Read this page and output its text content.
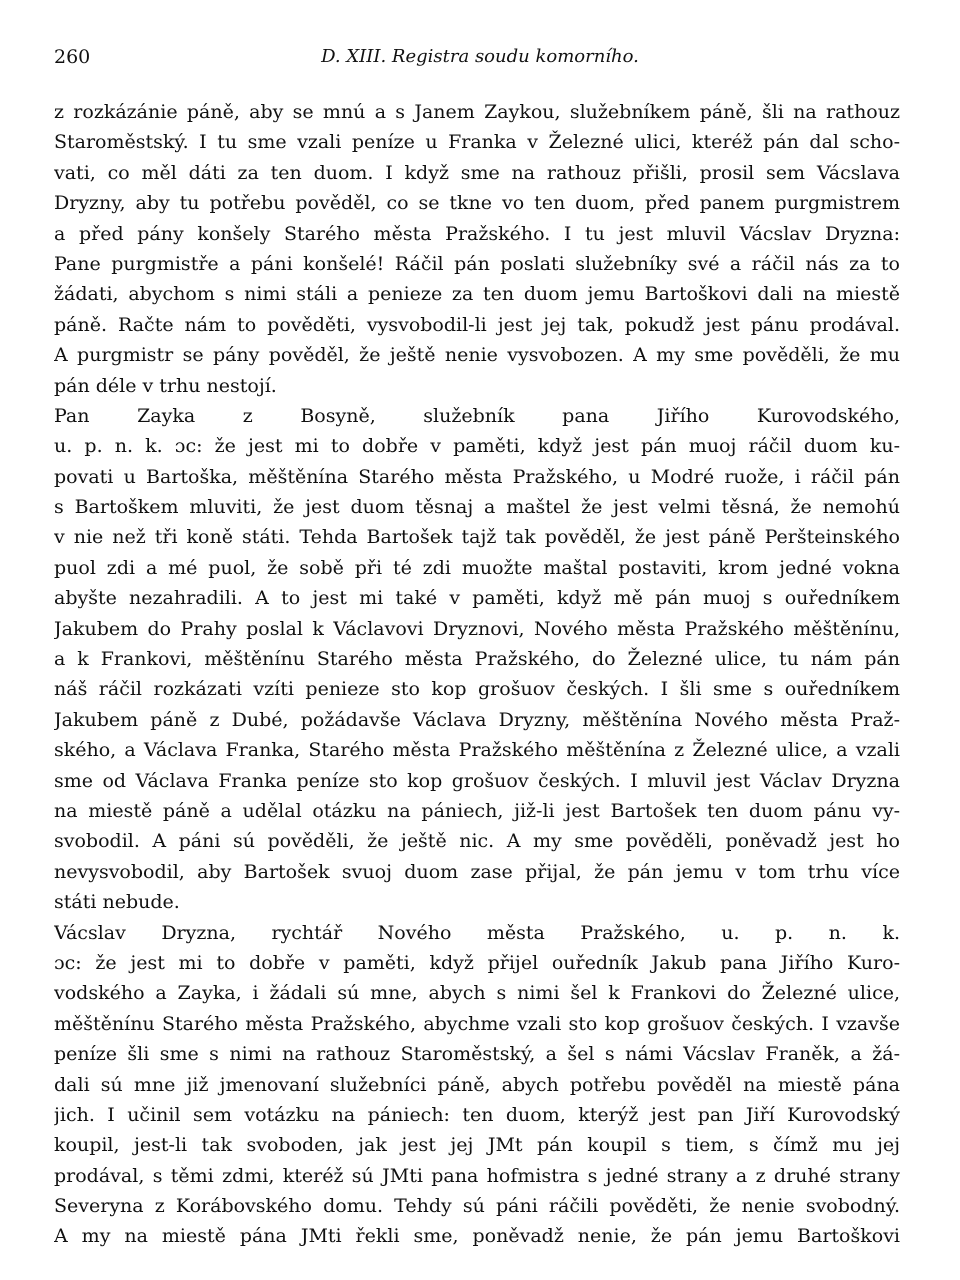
260	D. XIII. Registra soudu komorního.
z rozkázánie páně, aby se mnú a s Janem Zaykou, služebníkem páně, šli na rathouz
Staroměstský. I tu sme vzali peníze u Franka v Železné ulici, kteréž pán dal scho-
vati, co měl dáti za ten duom. I když sme na rathouz přišli, prosil sem Vácslava
Dryzny, aby tu potřebu pověděl, co se tkne vo ten duom, před panem purgmistrem
a před pány konšely Starého města Pražského. I tu jest mluvil Vácslav Dryzna:
Pane purgmistře a páni konšelé! Ráčil pán poslati služebníky své a ráčil nás za to
žádati, abychom s nimi stáli a penieze za ten duom jemu Bartoškovi dali na miestě
páně. Račte nám to pověděti, vysvobodil-li jest jej tak, pokudž jest pánu prodával.
A purgmistr se pány pověděl, že ještě nenie vysvobozen. A my sme pověděli, že mu
pán déle v trhu nestojí.
Pan Zayka z Bosyně, služebník pana Jiřího Kurovodského,
u. p. n. k. ɔc: že jest mi to dobře v paměti, když jest pán muoj ráčil duom ku-
povati u Bartoška, měštěnína Starého města Pražského, u Modré ruože, i ráčil pán
s Bartoškem mluviti, že jest duom těsnaj a maštel že jest velmi těsná, že nemohú
v nie než tři koně státi. Tehda Bartošek tajž tak pověděl, že jest páně Peršteinského
puol zdi a mé puol, že sobě při té zdi muožte maštal postaviti, krom jedné vokna
abyšte nezahradili. A to jest mi také v paměti, když mě pán muoj s ouředníkem
Jakubem do Prahy poslal k Václavovi Dryznovi, Nového města Pražského měštěnínu,
a k Frankovi, měštěnínu Starého města Pražského, do Železné ulice, tu nám pán
náš ráčil rozkázati vzíti penieze sto kop grošuov českých. I šli sme s ouředníkem
Jakubem páně z Dubé, požádavše Václava Dryzny, měštěnína Nového města Praž-
ského, a Václava Franka, Starého města Pražského měštěnína z Železné ulice, a vzali
sme od Václava Franka peníze sto kop grošuov českých. I mluvil jest Václav Dryzna
na miestě páně a udělal otázku na pániech, již-li jest Bartošek ten duom pánu vy-
svobodil. A páni sú pověděli, že ještě nic. A my sme pověděli, poněvadž jest ho
nevysvobodil, aby Bartošek svuoj duom zase přijal, že pán jemu v tom trhu více
státi nebude.
Vácslav Dryzna, rychtář Nového města Pražského, u. p. n. k.
ɔc: že jest mi to dobře v paměti, když přijel ouředník Jakub pana Jiřího Kuro-
vodského a Zayka, i žádali sú mne, abych s nimi šel k Frankovi do Železné ulice,
měštěnínu Starého města Pražského, abychme vzali sto kop grošuov českých. I vzavše
peníze šli sme s nimi na rathouz Staroměstský, a šel s námi Vácslav Franěk, a žá-
dali sú mne již jmenovaní služebníci páně, abych potřebu pověděl na miestě pána
jich. I učinil sem votázku na pániech: ten duom, kterýž jest pan Jiří Kurovodský
koupil, jest-li tak svoboden, jak jest jej JMt pán koupil s tiem, s čímž mu jej
prodával, s těmi zdmi, kteréž sú JMti pana hofmistra s jedné strany a z druhé strany
Severyna z Korábovského domu. Tehdy sú páni ráčili pověděti, že nenie svobodný.
A my na miestě pána JMti řekli sme, poněvadž nenie, že pán jemu Bartoškovi
